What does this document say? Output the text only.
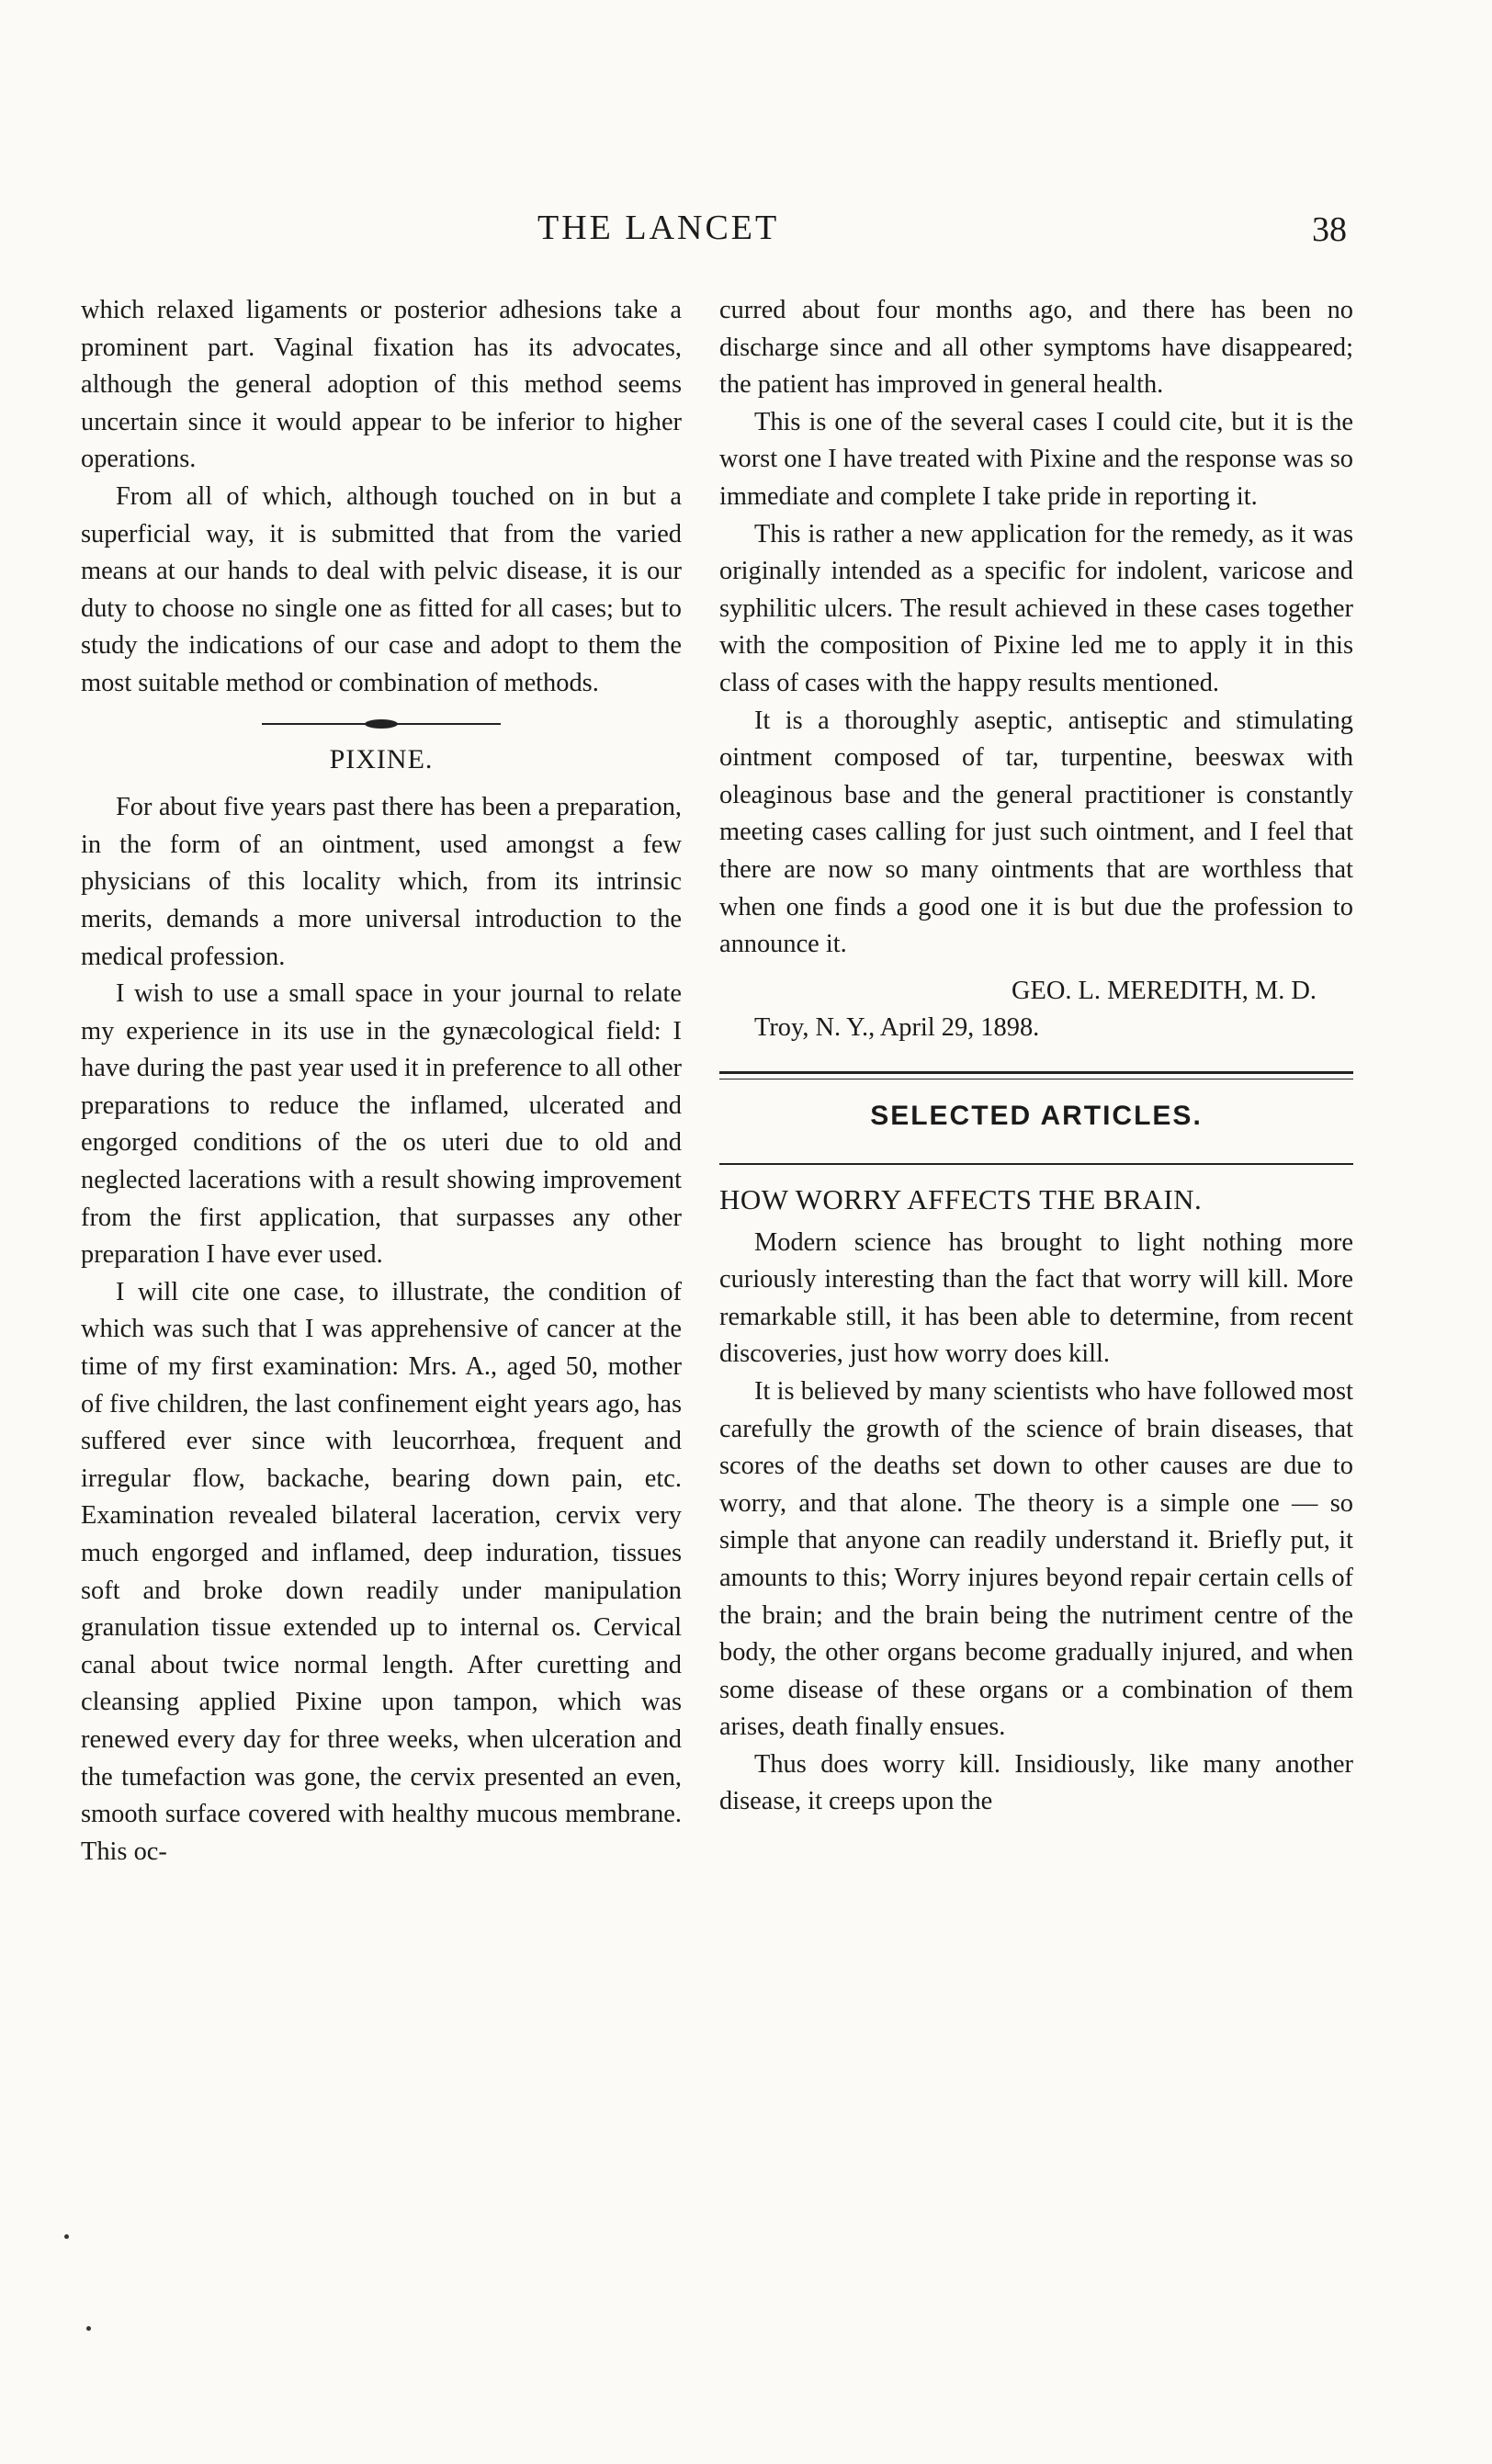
THE LANCET	38

which relaxed ligaments or posterior adhesions take a prominent part. Vaginal fixation has its advocates, although the general adoption of this method seems uncertain since it would appear to be inferior to higher operations.

From all of which, although touched on in but a superficial way, it is submitted that from the varied means at our hands to deal with pelvic disease, it is our duty to choose no single one as fitted for all cases; but to study the indications of our case and adopt to them the most suitable method or combination of methods.

PIXINE.

For about five years past there has been a preparation, in the form of an ointment, used amongst a few physicians of this locality which, from its intrinsic merits, demands a more universal introduction to the medical profession.

I wish to use a small space in your journal to relate my experience in its use in the gynæcological field: I have during the past year used it in preference to all other preparations to reduce the inflamed, ulcerated and engorged conditions of the os uteri due to old and neglected lacerations with a result showing improvement from the first application, that surpasses any other preparation I have ever used.

I will cite one case, to illustrate, the condition of which was such that I was apprehensive of cancer at the time of my first examination: Mrs. A., aged 50, mother of five children, the last confinement eight years ago, has suffered ever since with leucorrhœa, frequent and irregular flow, backache, bearing down pain, etc. Examination revealed bilateral laceration, cervix very much engorged and inflamed, deep induration, tissues soft and broke down readily under manipulation granulation tissue extended up to internal os. Cervical canal about twice normal length. After curetting and cleansing applied Pixine upon tampon, which was renewed every day for three weeks, when ulceration and the tumefaction was gone, the cervix presented an even, smooth surface covered with healthy mucous membrane. This oc-

curred about four months ago, and there has been no discharge since and all other symptoms have disappeared; the patient has improved in general health.

This is one of the several cases I could cite, but it is the worst one I have treated with Pixine and the response was so immediate and complete I take pride in reporting it.

This is rather a new application for the remedy, as it was originally intended as a specific for indolent, varicose and syphilitic ulcers. The result achieved in these cases together with the composition of Pixine led me to apply it in this class of cases with the happy results mentioned.

It is a thoroughly aseptic, antiseptic and stimulating ointment composed of tar, turpentine, beeswax with oleaginous base and the general practitioner is constantly meeting cases calling for just such ointment, and I feel that there are now so many ointments that are worthless that when one finds a good one it is but due the profession to announce it.

GEO. L. MEREDITH, M. D.
Troy, N. Y., April 29, 1898.
SELECTED ARTICLES.
HOW WORRY AFFECTS THE BRAIN.

Modern science has brought to light nothing more curiously interesting than the fact that worry will kill. More remarkable still, it has been able to determine, from recent discoveries, just how worry does kill.

It is believed by many scientists who have followed most carefully the growth of the science of brain diseases, that scores of the deaths set down to other causes are due to worry, and that alone. The theory is a simple one — so simple that anyone can readily understand it. Briefly put, it amounts to this; Worry injures beyond repair certain cells of the brain; and the brain being the nutriment centre of the body, the other organs become gradually injured, and when some disease of these organs or a combination of them arises, death finally ensues.

Thus does worry kill. Insidiously, like many another disease, it creeps upon the
